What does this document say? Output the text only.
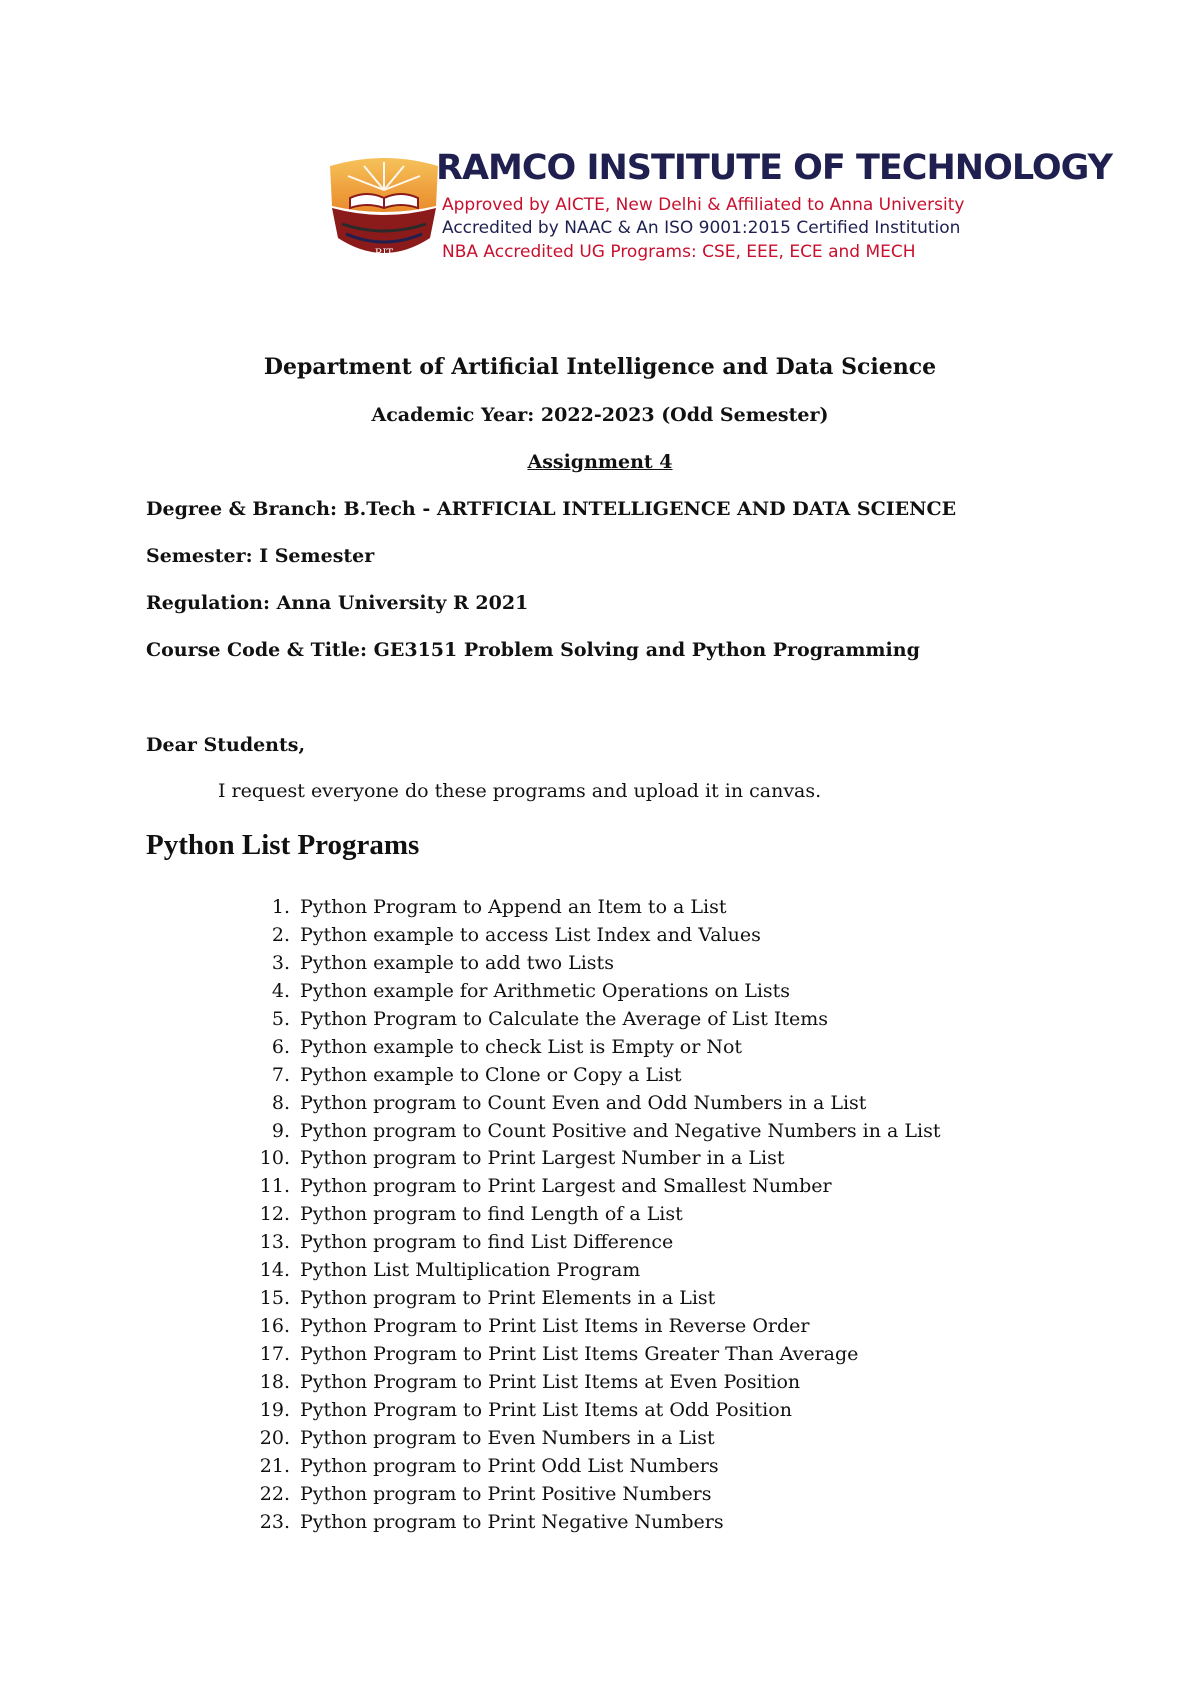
RIT
RAMCO INSTITUTE OF TECHNOLOGY
Approved by AICTE, New Delhi & Affiliated to Anna University
Accredited by NAAC & An ISO 9001:2015 Certified Institution
NBA Accredited UG Programs: CSE, EEE, ECE and MECH
Department of Artificial Intelligence and Data Science
Academic Year: 2022-2023 (Odd Semester)
Assignment 4
Degree & Branch: B.Tech - ARTFICIAL INTELLIGENCE AND DATA SCIENCE
Semester: I Semester
Regulation: Anna University R 2021
Course Code & Title: GE3151 Problem Solving and Python Programming
Dear Students,
I request everyone do these programs and upload it in canvas.
Python List Programs
1. Python Program to Append an Item to a List
2. Python example to access List Index and Values
3. Python example to add two Lists
4. Python example for Arithmetic Operations on Lists
5. Python Program to Calculate the Average of List Items
6. Python example to check List is Empty or Not
7. Python example to Clone or Copy a List
8. Python program to Count Even and Odd Numbers in a List
9. Python program to Count Positive and Negative Numbers in a List
10. Python program to Print Largest Number in a List
11. Python program to Print Largest and Smallest Number
12. Python program to find Length of a List
13. Python program to find List Difference
14. Python List Multiplication Program
15. Python program to Print Elements in a List
16. Python Program to Print List Items in Reverse Order
17. Python Program to Print List Items Greater Than Average
18. Python Program to Print List Items at Even Position
19. Python Program to Print List Items at Odd Position
20. Python program to Even Numbers in a List
21. Python program to Print Odd List Numbers
22. Python program to Print Positive Numbers
23. Python program to Print Negative Numbers
